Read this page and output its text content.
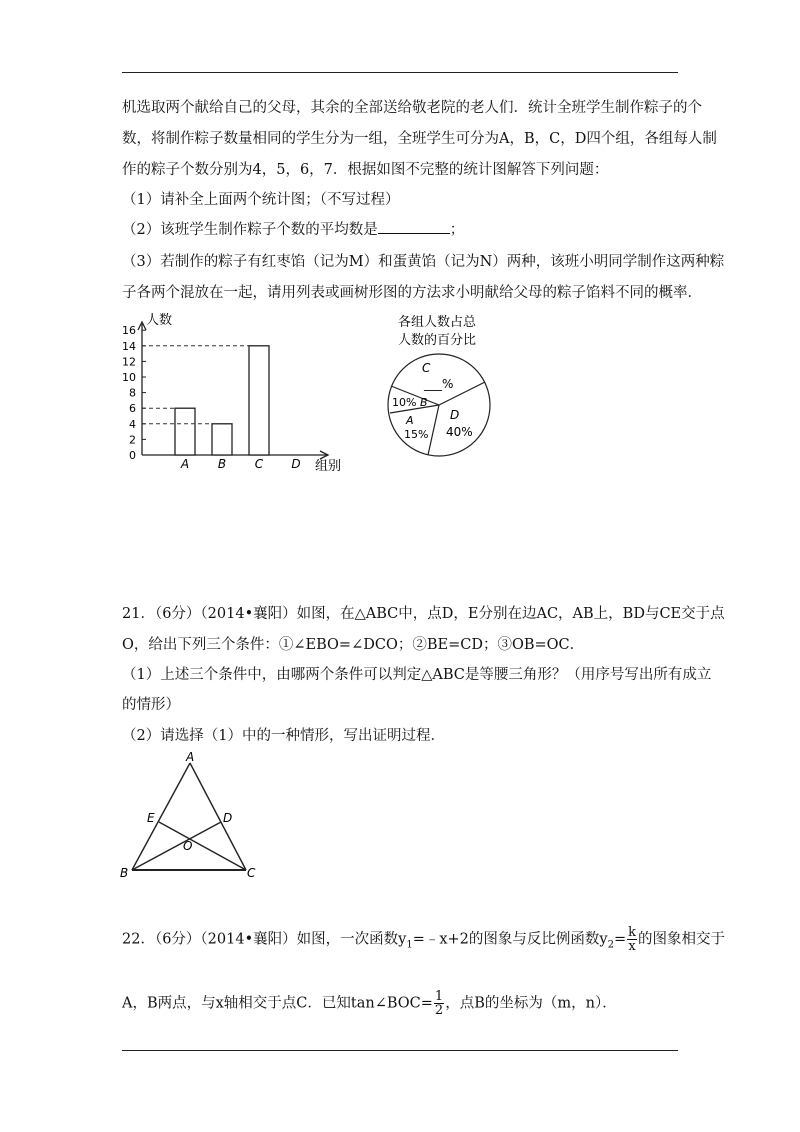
机选取两个献给自己的父母，其余的全部送给敬老院的老人们．统计全班学生制作粽子的个
数，将制作粽子数量相同的学生分为一组，全班学生可分为A，B，C，D四个组，各组每人制
作的粽子个数分别为4，5，6，7．根据如图不完整的统计图解答下列问题：
（1）请补全上面两个统计图；（不写过程）
（2）该班学生制作粽子个数的平均数是	；
（3）若制作的粽子有红枣馅（记为M）和蛋黄馅（记为N）两种，该班小明同学制作这两种粽
子各两个混放在一起，请用列表或画树形图的方法求小明献给父母的粽子馅料不同的概率．
0
2
4
6
8
10
12
14
16
人数
组别
A B C D
各组人数占总
人数的百分比
C
___%
10% B
A
15%
D
40%
21．（6分）（2014•襄阳）如图，在△ABC中，点D，E分别在边AC，AB上，BD与CE交于点
O，给出下列三个条件：①∠EBO=∠DCO；②BE=CD；③OB=OC．
（1）上述三个条件中，由哪两个条件可以判定△ABC是等腰三角形？（用序号写出所有成立
的情形）
（2）请选择（1）中的一种情形，写出证明过程．
A
B	C
D
E
O
22．（6分）（2014•襄阳）如图，一次函数$y_1=﹣x+2$的图象与反比例函数$y_2= \frac{k}{x}$ 的图象相交于
A，B两点，与x轴相交于点C．已知tan∠BOC= $\frac{1}{2}$ ，点B的坐标为（m，n）．
